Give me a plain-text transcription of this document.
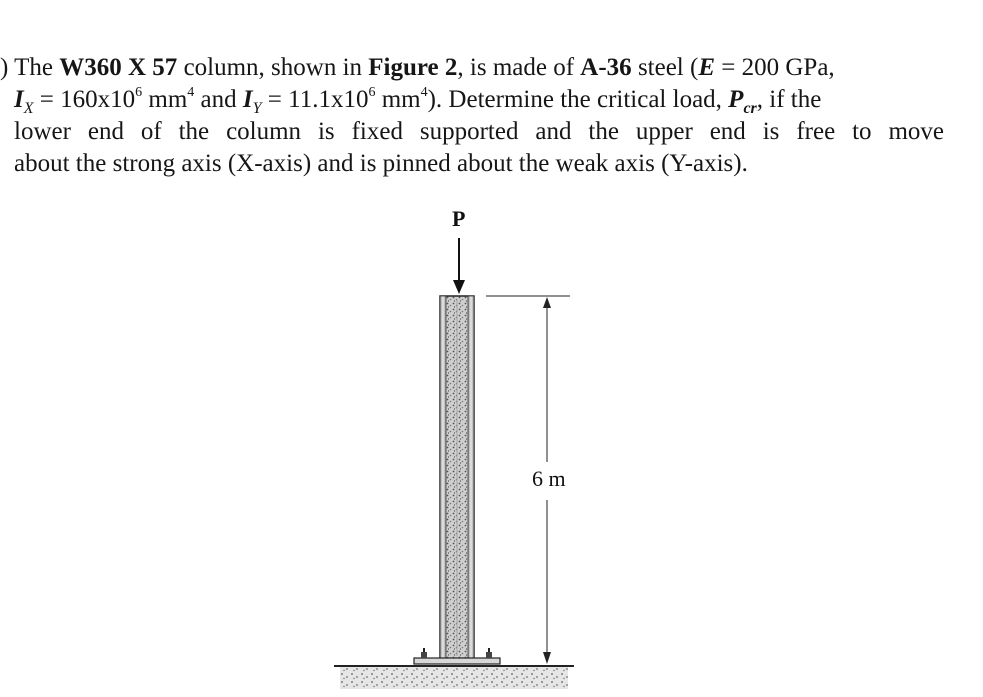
) The W360 X 57 column, shown in Figure 2, is made of A-36 steel (E = 200 GPa,
$I_X = 160x10^6$ $mm^4$ and $I_Y = 11.1x10^6$ $mm^4$). Determine the critical load, $P_{cr}$, if the
lower end of the column is fixed supported and the upper end is free to move
about the strong axis (X-axis) and is pinned about the weak axis (Y-axis).
P
6 m
